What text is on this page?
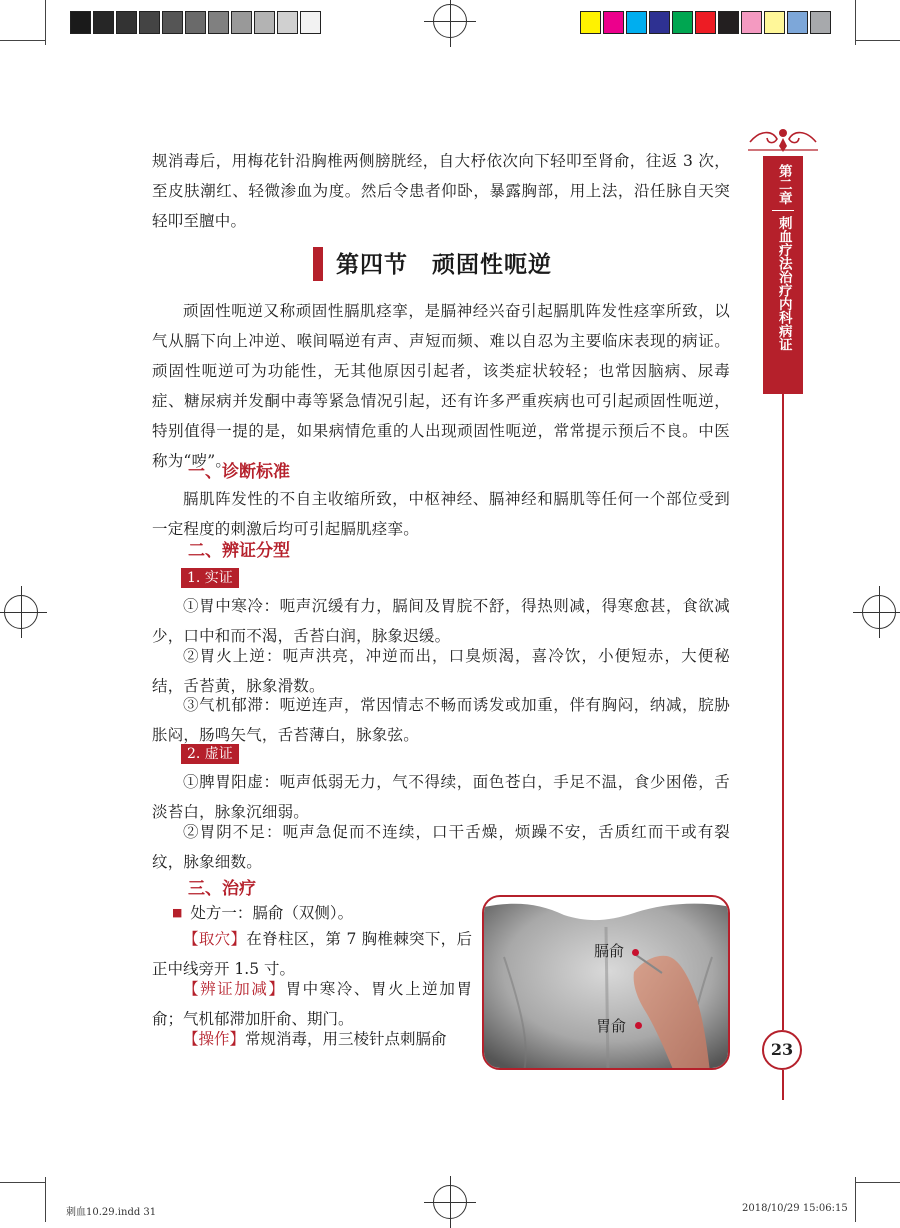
第二章
刺血疗法治疗内科病证
23
规消毒后，用梅花针沿胸椎两侧膀胱经，自大杼依次向下轻叩至肾俞，往返 3 次，至皮肤潮红、轻微渗血为度。然后令患者仰卧，暴露胸部，用上法，沿任脉自天突轻叩至膻中。
第四节　顽固性呃逆
顽固性呃逆又称顽固性膈肌痉挛，是膈神经兴奋引起膈肌阵发性痉挛所致，以气从膈下向上冲逆、喉间嗝逆有声、声短而频、难以自忍为主要临床表现的病证。顽固性呃逆可为功能性，无其他原因引起者，该类症状较轻；也常因脑病、尿毒症、糖尿病并发酮中毒等紧急情况引起，还有许多严重疾病也可引起顽固性呃逆，特别值得一提的是，如果病情危重的人出现顽固性呃逆，常常提示预后不良。中医称为“哕”。
一、诊断标准
膈肌阵发性的不自主收缩所致，中枢神经、膈神经和膈肌等任何一个部位受到一定程度的刺激后均可引起膈肌痉挛。
二、辨证分型
1. 实证
①胃中寒冷：呃声沉缓有力，膈间及胃脘不舒，得热则减，得寒愈甚，食欲减少，口中和而不渴，舌苔白润，脉象迟缓。
②胃火上逆：呃声洪亮，冲逆而出，口臭烦渴，喜冷饮，小便短赤，大便秘结，舌苔黄，脉象滑数。
③气机郁滞：呃逆连声，常因情志不畅而诱发或加重，伴有胸闷，纳减，脘胁胀闷，肠鸣矢气，舌苔薄白，脉象弦。
2. 虚证
①脾胃阳虚：呃声低弱无力，气不得续，面色苍白，手足不温，食少困倦，舌淡苔白，脉象沉细弱。
②胃阴不足：呃声急促而不连续，口干舌燥，烦躁不安，舌质红而干或有裂纹，脉象细数。
三、治疗
■ 处方一：膈俞（双侧）。
【取穴】在脊柱区，第 7 胸椎棘突下，后正中线旁开 1.5 寸。
【辨证加减】胃中寒冷、胃火上逆加胃俞；气机郁滞加肝俞、期门。
【操作】常规消毒，用三棱针点刺膈俞
膈俞
胃俞
刺血10.29.indd 31	2018/10/29 15:06:15
